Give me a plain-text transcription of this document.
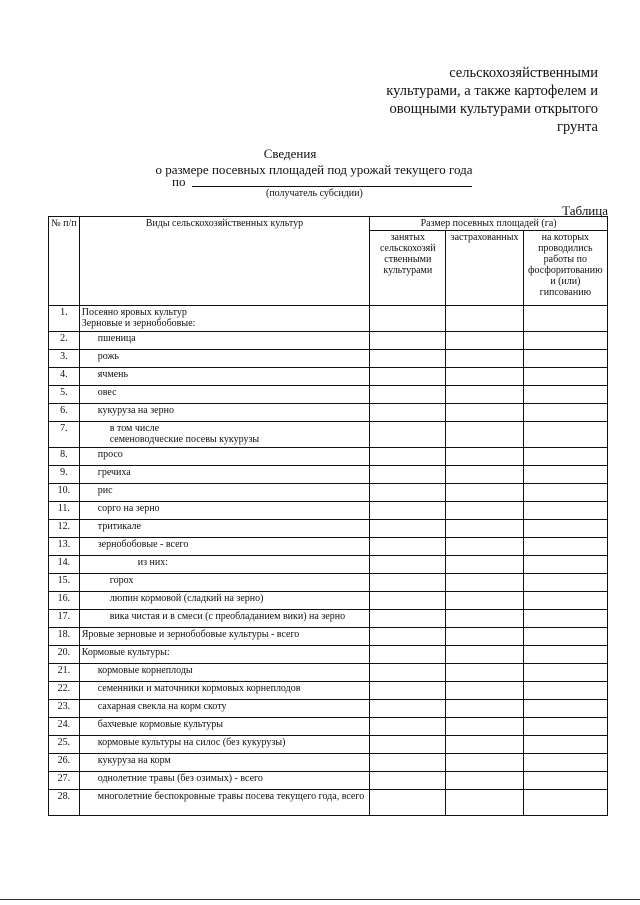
сельскохозяйственными
культурами, а также картофелем и
овощными культурами открытого
грунта
Сведения
о размере посевных площадей под урожай текущего года
по
(получатель субсидии)
Таблица
№ п/п	Виды сельскохозяйственных культур	Размер посевных площадей (га)		
		занятых сельскохозяй ственными культурами	застрахованных	на которых проводились работы по фосфоритованию и (или) гипсованию
1.	Посеяно яровых культур
Зерновые и зернобобовые:			
2.	пшеница			
3.	рожь			
4.	ячмень			
5.	овес			
6.	кукуруза на зерно			
7.	в том числе
семеноводческие посевы кукурузы			
8.	просо			
9.	гречиха			
10.	рис			
11.	сорго на зерно			
12.	тритикале			
13.	зернобобовые - всего			
14.	из них:			
15.	горох			
16.	люпин кормовой (сладкий на зерно)			
17.	вика чистая и в смеси (с преобладанием вики) на зерно			
18.	Яровые зерновые и зернобобовые культуры - всего			
20.	Кормовые культуры:			
21.	кормовые корнеплоды			
22.	семенники и маточники кормовых корнеплодов			
23.	сахарная свекла на корм скоту			
24.	бахчевые кормовые культуры			
25.	кормовые культуры на силос (без кукурузы)			
26.	кукуруза на корм			
27.	однолетние травы (без озимых) - всего			
28.	многолетние беспокровные травы посева текущего года, всего			
